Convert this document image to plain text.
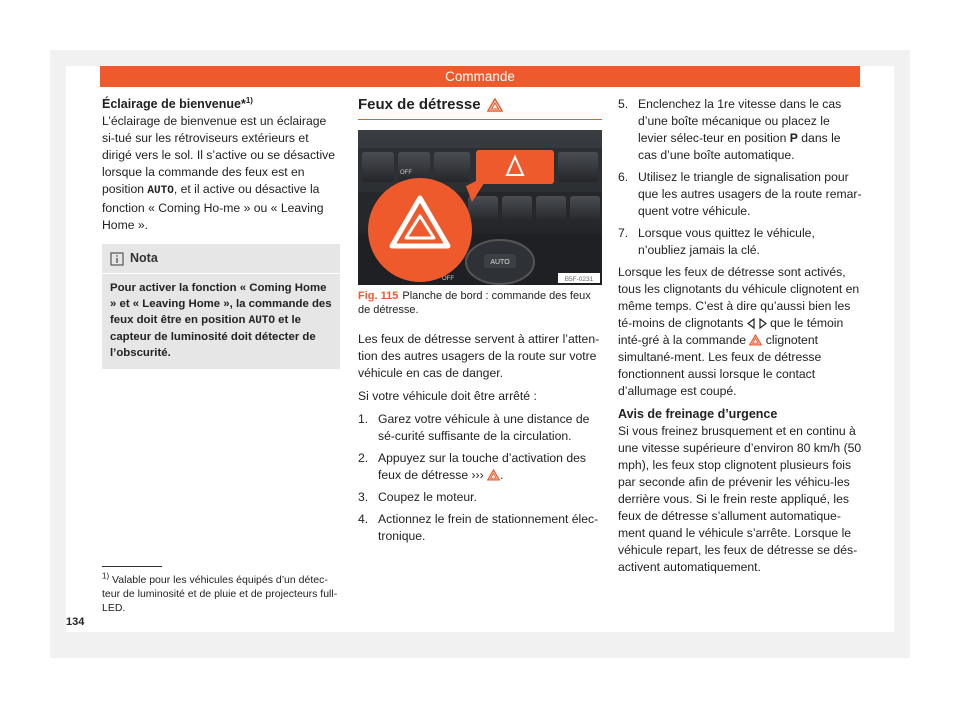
Commande
Éclairage de bienvenue*$^{1)}$

L’éclairage de bienvenue est un éclairage si-tué sur les rétroviseurs extérieurs et dirigé vers le sol. Il s’active ou se désactive lorsque la commande des feux est en position AUTO, et il active ou désactive la fonction « Coming Ho-me » ou « Leaving Home ».

Nota
Pour activer la fonction « Coming Home » et « Leaving Home », la commande des feux doit être en position AUTO et le capteur de luminosité doit détecter de l’obscurité.
$^{1)}$ Valable pour les véhicules équipés d’un détec-teur de luminosité et de pluie et de projecteurs full-LED.
134
Feux de détresse
AUTO
OFF
OFF
B5F-0231
Fig. 115 Planche de bord : commande des feux de détresse.

Les feux de détresse servent à attirer l’atten-tion des autres usagers de la route sur votre véhicule en cas de danger.

Si votre véhicule doit être arrêté :

1. Garez votre véhicule à une distance de sé-curité suffisante de la circulation.
2. Appuyez sur la touche d’activation des feux de détresse ››› .
3. Coupez le moteur.
4. Actionnez le frein de stationnement élec-tronique.
5. Enclenchez la 1re vitesse dans le cas d’une boîte mécanique ou placez le levier sélec-teur en position P dans le cas d’une boîte automatique.
6. Utilisez le triangle de signalisation pour que les autres usagers de la route remar-quent votre véhicule.
7. Lorsque vous quittez le véhicule, n’oubliez jamais la clé.

Lorsque les feux de détresse sont activés, tous les clignotants du véhicule clignotent en même temps. C’est à dire qu’aussi bien les té-moins de clignotants  que le témoin inté-gré à la commande  clignotent simultané-ment. Les feux de détresse fonctionnent aussi lorsque le contact d’allumage est coupé.

Avis de freinage d’urgence

Si vous freinez brusquement et en continu à une vitesse supérieure d’environ 80 km/h (50 mph), les feux stop clignotent plusieurs fois par seconde afin de prévenir les véhicu-les derrière vous. Si le frein reste appliqué, les feux de détresse s’allument automatique-ment quand le véhicule s’arrête. Lorsque le véhicule repart, les feux de détresse se dés-activent automatiquement.
